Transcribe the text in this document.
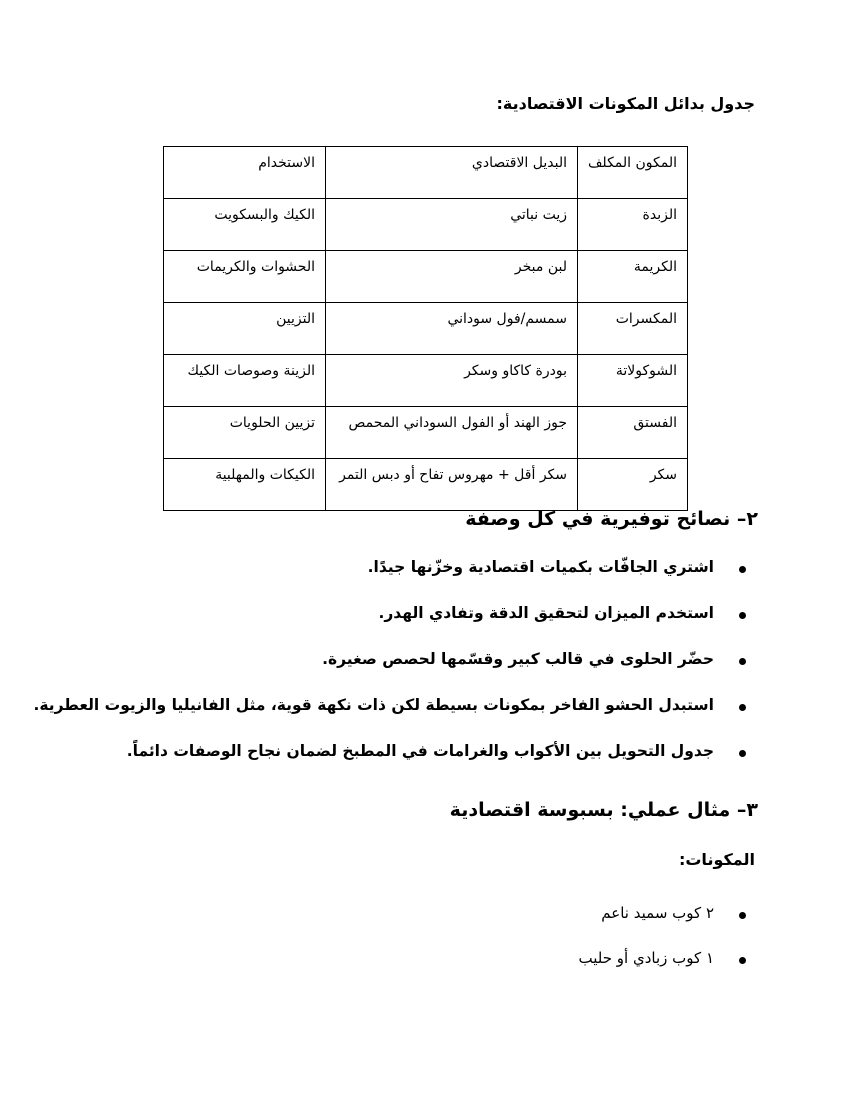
جدول بدائل المكونات الاقتصادية:
المكون المكلف	البديل الاقتصادي	الاستخدام
الزبدة	زيت نباتي	الكيك والبسكويت
الكريمة	لبن مبخر	الحشوات والكريمات
المكسرات	سمسم/فول سوداني	التزيين
الشوكولاتة	بودرة كاكاو وسكر	الزينة وصوصات الكيك
الفستق	جوز الهند أو الفول السوداني المحمص	تزيين الحلويات
سكر	سكر أقل + مهروس تفاح أو دبس التمر	الكيكات والمهلبية
٢– نصائح توفيرية في كل وصفة
اشتري الجافّات بكميات اقتصادية وخزّنها جيدًا.
استخدم الميزان لتحقيق الدقة وتفادي الهدر.
حضّر الحلوى في قالب كبير وقسّمها لحصص صغيرة.
استبدل الحشو الفاخر بمكونات بسيطة لكن ذات نكهة قوية، مثل الفانيليا والزيوت العطرية.
جدول التحويل بين الأكواب والغرامات في المطبخ لضمان نجاح الوصفات دائماً.
٣– مثال عملي: بسبوسة اقتصادية
المكونات:
٢ كوب سميد ناعم
١ كوب زبادي أو حليب
